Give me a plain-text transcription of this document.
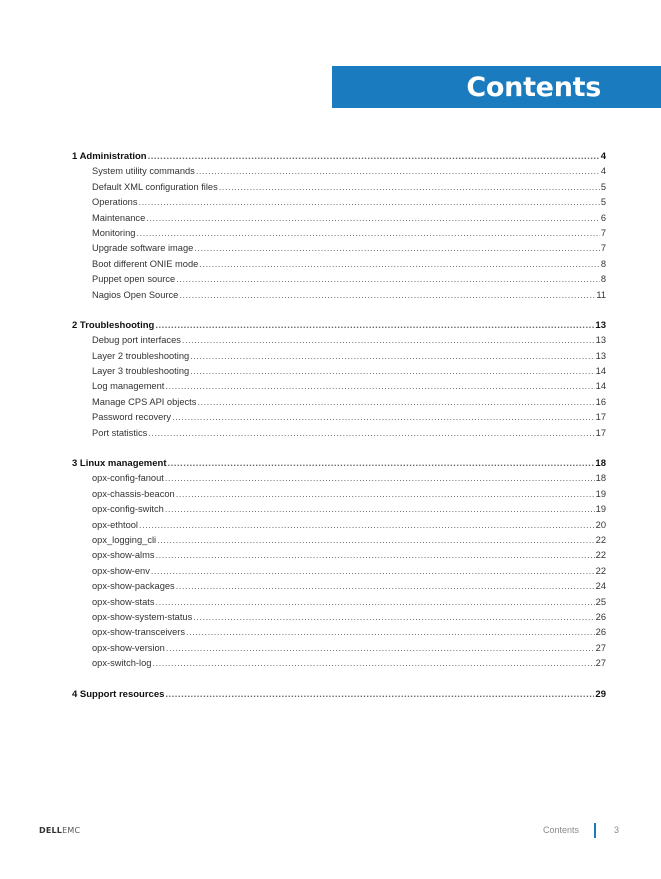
Contents
1 Administration .....	4
System utility commands .....	4
Default XML configuration files .....	5
Operations .....	5
Maintenance .....	6
Monitoring .....	7
Upgrade software image .....	7
Boot different ONIE mode .....	8
Puppet open source .....	8
Nagios Open Source .....	11
2 Troubleshooting .....	13
Debug port interfaces .....	13
Layer 2 troubleshooting .....	13
Layer 3 troubleshooting .....	14
Log management .....	14
Manage CPS API objects .....	16
Password recovery .....	17
Port statistics .....	17
3 Linux management .....	18
opx-config-fanout .....	18
opx-chassis-beacon .....	19
opx-config-switch .....	19
opx-ethtool .....	20
opx_logging_cli .....	22
opx-show-alms .....	22
opx-show-env .....	22
opx-show-packages .....	24
opx-show-stats .....	25
opx-show-system-status .....	26
opx-show-transceivers .....	26
opx-show-version .....	27
opx-switch-log .....	27
4 Support resources .....	29
DELLEMC	Contents	3
